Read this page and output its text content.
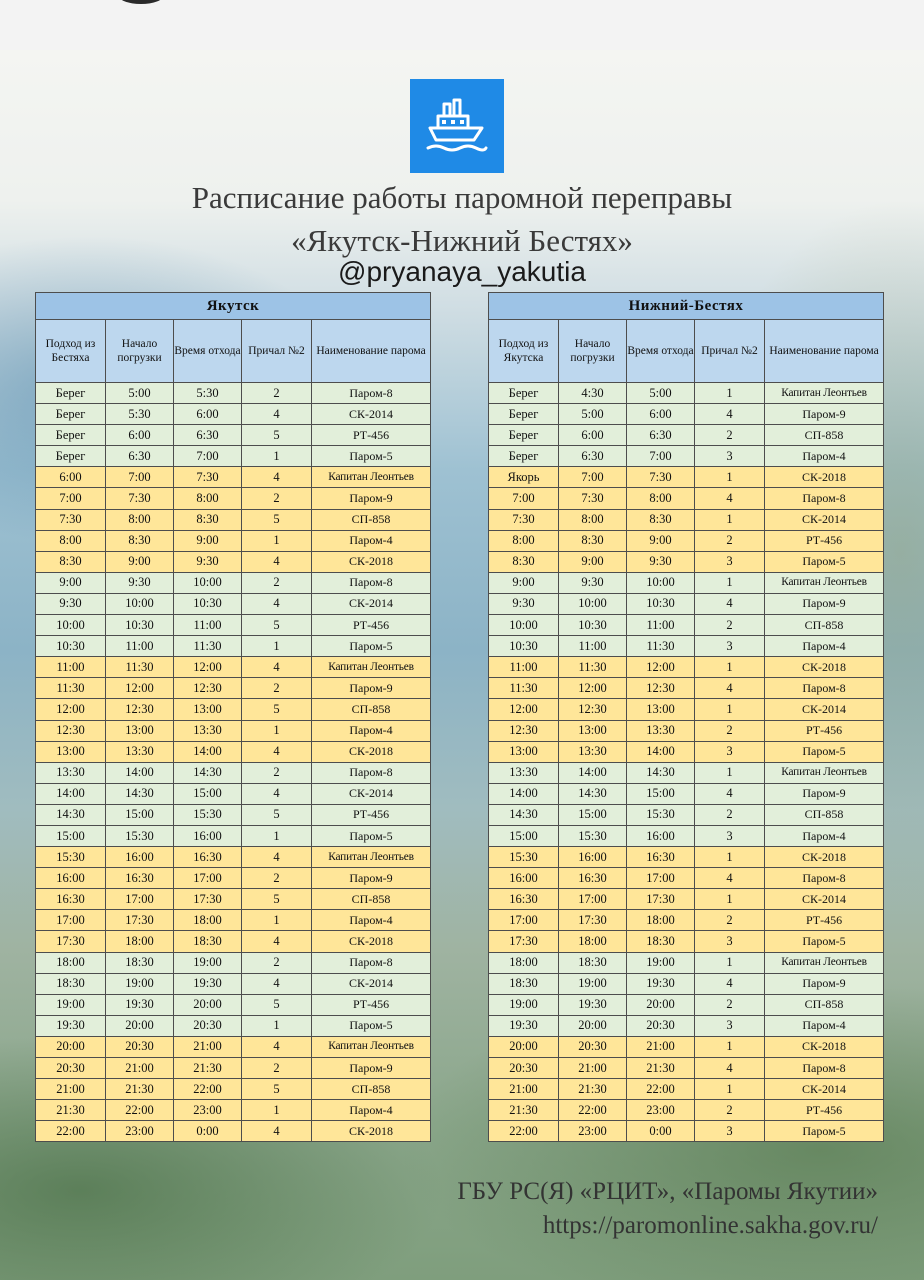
Расписание работы паромной переправы
«Якутск-Нижний Бестях»
@pryanaya_yakutia
Якутск				
Подход из Бестяха	Начало погрузки	Время отхода	Причал №2	Наименование парома
Берег	5:00	5:30	2	Паром-8
Берег	5:30	6:00	4	СК-2014
Берег	6:00	6:30	5	РТ-456
Берег	6:30	7:00	1	Паром-5
6:00	7:00	7:30	4	Капитан Леонтьев
7:00	7:30	8:00	2	Паром-9
7:30	8:00	8:30	5	СП-858
8:00	8:30	9:00	1	Паром-4
8:30	9:00	9:30	4	СК-2018
9:00	9:30	10:00	2	Паром-8
9:30	10:00	10:30	4	СК-2014
10:00	10:30	11:00	5	РТ-456
10:30	11:00	11:30	1	Паром-5
11:00	11:30	12:00	4	Капитан Леонтьев
11:30	12:00	12:30	2	Паром-9
12:00	12:30	13:00	5	СП-858
12:30	13:00	13:30	1	Паром-4
13:00	13:30	14:00	4	СК-2018
13:30	14:00	14:30	2	Паром-8
14:00	14:30	15:00	4	СК-2014
14:30	15:00	15:30	5	РТ-456
15:00	15:30	16:00	1	Паром-5
15:30	16:00	16:30	4	Капитан Леонтьев
16:00	16:30	17:00	2	Паром-9
16:30	17:00	17:30	5	СП-858
17:00	17:30	18:00	1	Паром-4
17:30	18:00	18:30	4	СК-2018
18:00	18:30	19:00	2	Паром-8
18:30	19:00	19:30	4	СК-2014
19:00	19:30	20:00	5	РТ-456
19:30	20:00	20:30	1	Паром-5
20:00	20:30	21:00	4	Капитан Леонтьев
20:30	21:00	21:30	2	Паром-9
21:00	21:30	22:00	5	СП-858
21:30	22:00	23:00	1	Паром-4
22:00	23:00	0:00	4	СК-2018
Нижний-Бестях				
Подход из Якутска	Начало погрузки	Время отхода	Причал №2	Наименование парома
Берег	4:30	5:00	1	Капитан Леонтьев
Берег	5:00	6:00	4	Паром-9
Берег	6:00	6:30	2	СП-858
Берег	6:30	7:00	3	Паром-4
Якорь	7:00	7:30	1	СК-2018
7:00	7:30	8:00	4	Паром-8
7:30	8:00	8:30	1	СК-2014
8:00	8:30	9:00	2	РТ-456
8:30	9:00	9:30	3	Паром-5
9:00	9:30	10:00	1	Капитан Леонтьев
9:30	10:00	10:30	4	Паром-9
10:00	10:30	11:00	2	СП-858
10:30	11:00	11:30	3	Паром-4
11:00	11:30	12:00	1	СК-2018
11:30	12:00	12:30	4	Паром-8
12:00	12:30	13:00	1	СК-2014
12:30	13:00	13:30	2	РТ-456
13:00	13:30	14:00	3	Паром-5
13:30	14:00	14:30	1	Капитан Леонтьев
14:00	14:30	15:00	4	Паром-9
14:30	15:00	15:30	2	СП-858
15:00	15:30	16:00	3	Паром-4
15:30	16:00	16:30	1	СК-2018
16:00	16:30	17:00	4	Паром-8
16:30	17:00	17:30	1	СК-2014
17:00	17:30	18:00	2	РТ-456
17:30	18:00	18:30	3	Паром-5
18:00	18:30	19:00	1	Капитан Леонтьев
18:30	19:00	19:30	4	Паром-9
19:00	19:30	20:00	2	СП-858
19:30	20:00	20:30	3	Паром-4
20:00	20:30	21:00	1	СК-2018
20:30	21:00	21:30	4	Паром-8
21:00	21:30	22:00	1	СК-2014
21:30	22:00	23:00	2	РТ-456
22:00	23:00	0:00	3	Паром-5
ГБУ РС(Я) «РЦИТ», «Паромы Якутии»
https://paromonline.sakha.gov.ru/
